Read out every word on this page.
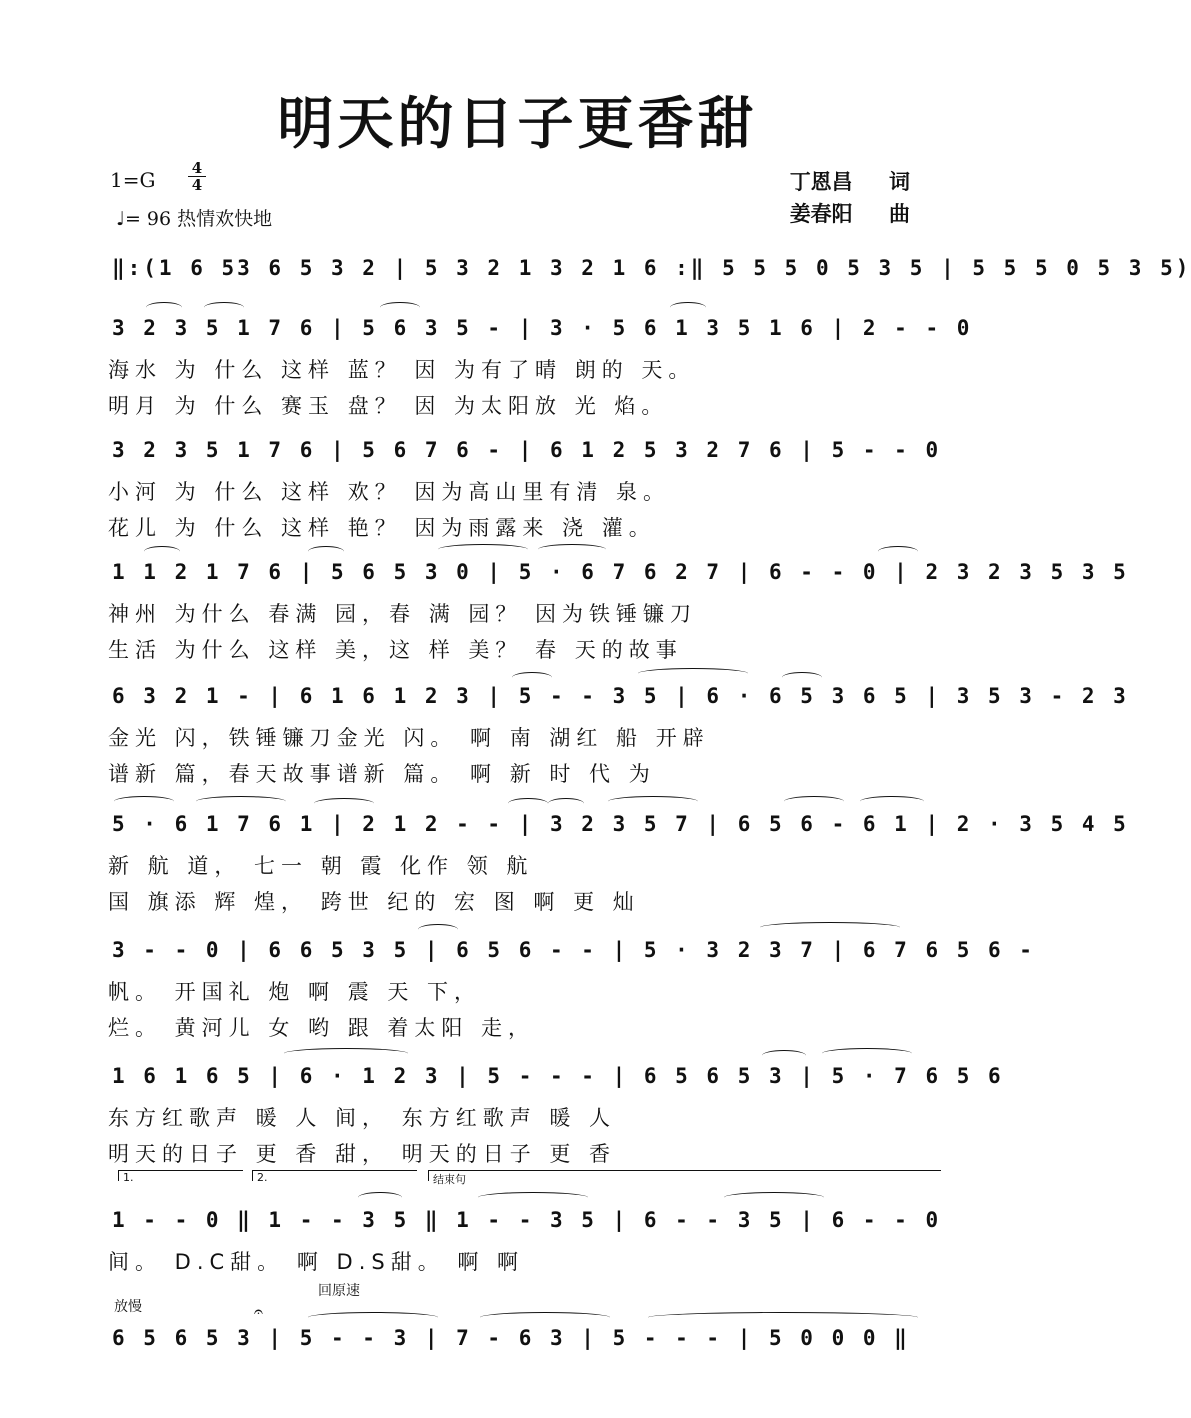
明天的日子更香甜
1=G	4
4
♩= 96 热情欢快地
丁恩昌 词
姜春阳 曲
‖:(1 6 53 6 5 3 2 | 5 3 2 1 3 2 1 6 :‖ 5 5 5 0 5 3 5 | 5 5 5 0 5 3 5)
3 2 3 5 1 7 6 | 5 6 3 5 - | 3 · 5 6 1 3 5 1 6 | 2 - - 0
海水 为 什么 这样 蓝？ 因 为有了晴 朗的 天。
明月 为 什么 赛玉 盘？ 因 为太阳放 光 焰。
3 2 3 5 1 7 6 | 5 6 7 6 - | 6 1 2 5 3 2 7 6 | 5 - - 0
小河 为 什么 这样 欢？ 因为高山里有清 泉。
花儿 为 什么 这样 艳？ 因为雨露来 浇 灌。
1 1 2 1 7 6 | 5 6 5 3 0 | 5 · 6 7 6 2 7 | 6 - - 0 | 2 3 2 3 5 3 5
神州 为什么 春满 园，春 满 园？ 因为铁锤镰刀
生活 为什么 这样 美，这 样 美？ 春 天的故事
6 3 2 1 - | 6 1 6 1 2 3 | 5 - - 3 5 | 6 · 6 5 3 6 5 | 3 5 3 - 2 3
金光 闪，铁锤镰刀金光 闪。 啊 南 湖红 船 开辟
谱新 篇，春天故事谱新 篇。 啊 新 时 代 为
5 · 6 1 7 6 1 | 2 1 2 - - | 3 2 3 5 7 | 6 5 6 - 6 1 | 2 · 3 5 4 5
新 航 道， 七一 朝 霞 化作 领 航
国 旗添 辉 煌， 跨世 纪的 宏 图 啊 更 灿
3 - - 0 | 6 6 5 3 5 | 6 5 6 - - | 5 · 3 2 3 7 | 6 7 6 5 6 -
帆。 开国礼 炮 啊 震 天 下，
烂。 黄河儿 女 哟 跟 着太阳 走，
1 6 1 6 5 | 6 · 1 2 3 | 5 - - - | 6 5 6 5 3 | 5 · 7 6 5 6
东方红歌声 暖 人 间， 东方红歌声 暖 人
明天的日子 更 香 甜， 明天的日子 更 香
1.	2.	结束句
1 - - 0 ‖ 1 - - 3 5 ‖ 1 - - 3 5 | 6 - - 3 5 | 6 - - 0
间。 D.C甜。 啊 D.S甜。 啊 啊
放慢
回原速
𝄐
6 5 6 5 3 | 5 - - 3 | 7 - 6 3 | 5 - - - | 5 0 0 0 ‖
